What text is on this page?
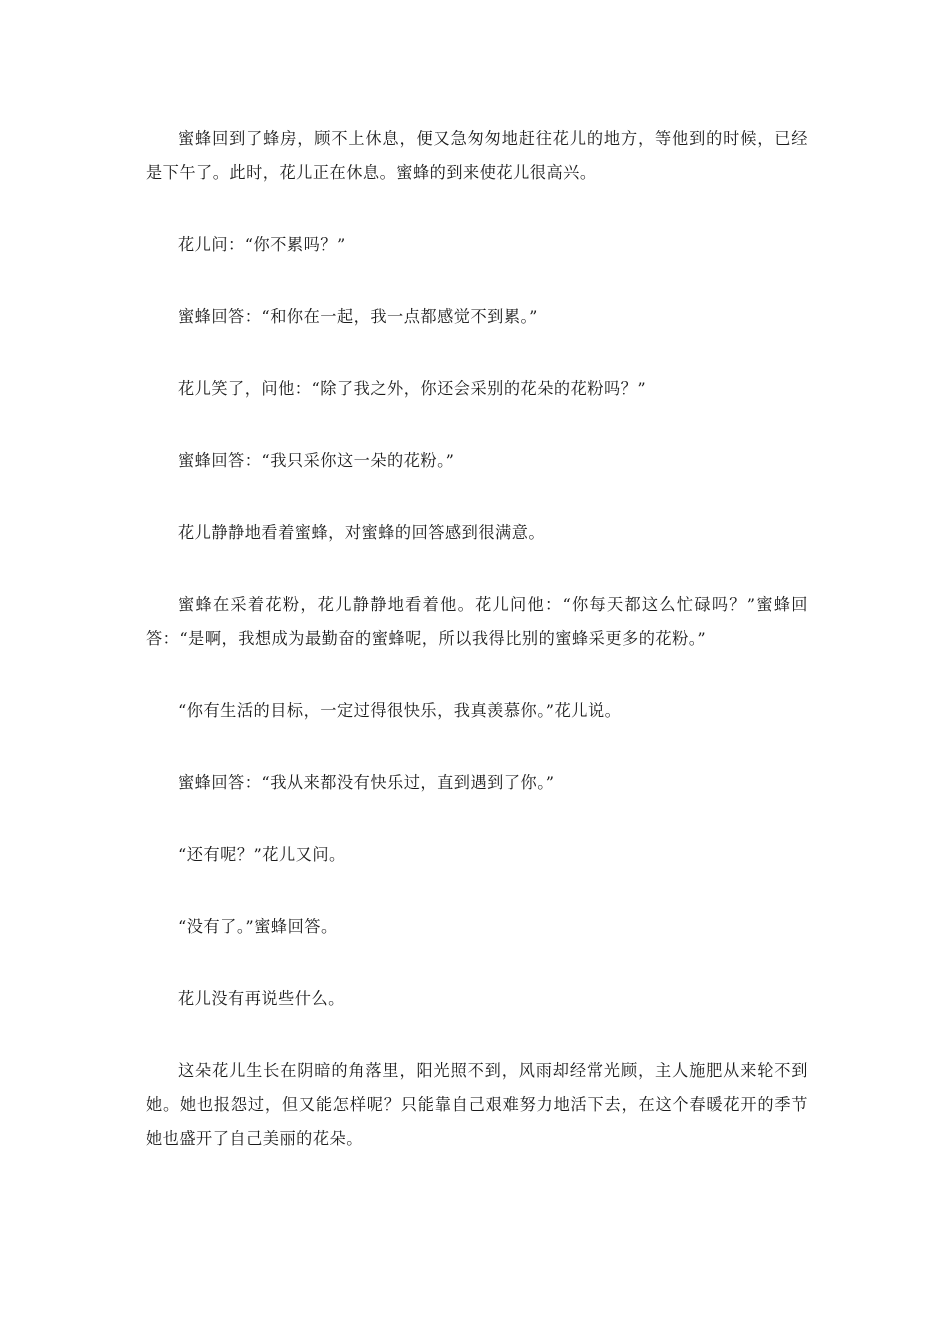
蜜蜂回到了蜂房，顾不上休息，便又急匆匆地赶往花儿的地方，等他到的时候，已经是下午了。此时，花儿正在休息。蜜蜂的到来使花儿很高兴。

花儿问：“你不累吗？”

蜜蜂回答：“和你在一起，我一点都感觉不到累。”

花儿笑了，问他：“除了我之外，你还会采别的花朵的花粉吗？”

蜜蜂回答：“我只采你这一朵的花粉。”

花儿静静地看着蜜蜂，对蜜蜂的回答感到很满意。

蜜蜂在采着花粉，花儿静静地看着他。花儿问他：“你每天都这么忙碌吗？”蜜蜂回答：“是啊，我想成为最勤奋的蜜蜂呢，所以我得比别的蜜蜂采更多的花粉。”

“你有生活的目标，一定过得很快乐，我真羡慕你。”花儿说。

蜜蜂回答：“我从来都没有快乐过，直到遇到了你。”

“还有呢？”花儿又问。

“没有了。”蜜蜂回答。

花儿没有再说些什么。

这朵花儿生长在阴暗的角落里，阳光照不到，风雨却经常光顾，主人施肥从来轮不到她。她也报怨过，但又能怎样呢？只能靠自己艰难努力地活下去，在这个春暖花开的季节她也盛开了自己美丽的花朵。
